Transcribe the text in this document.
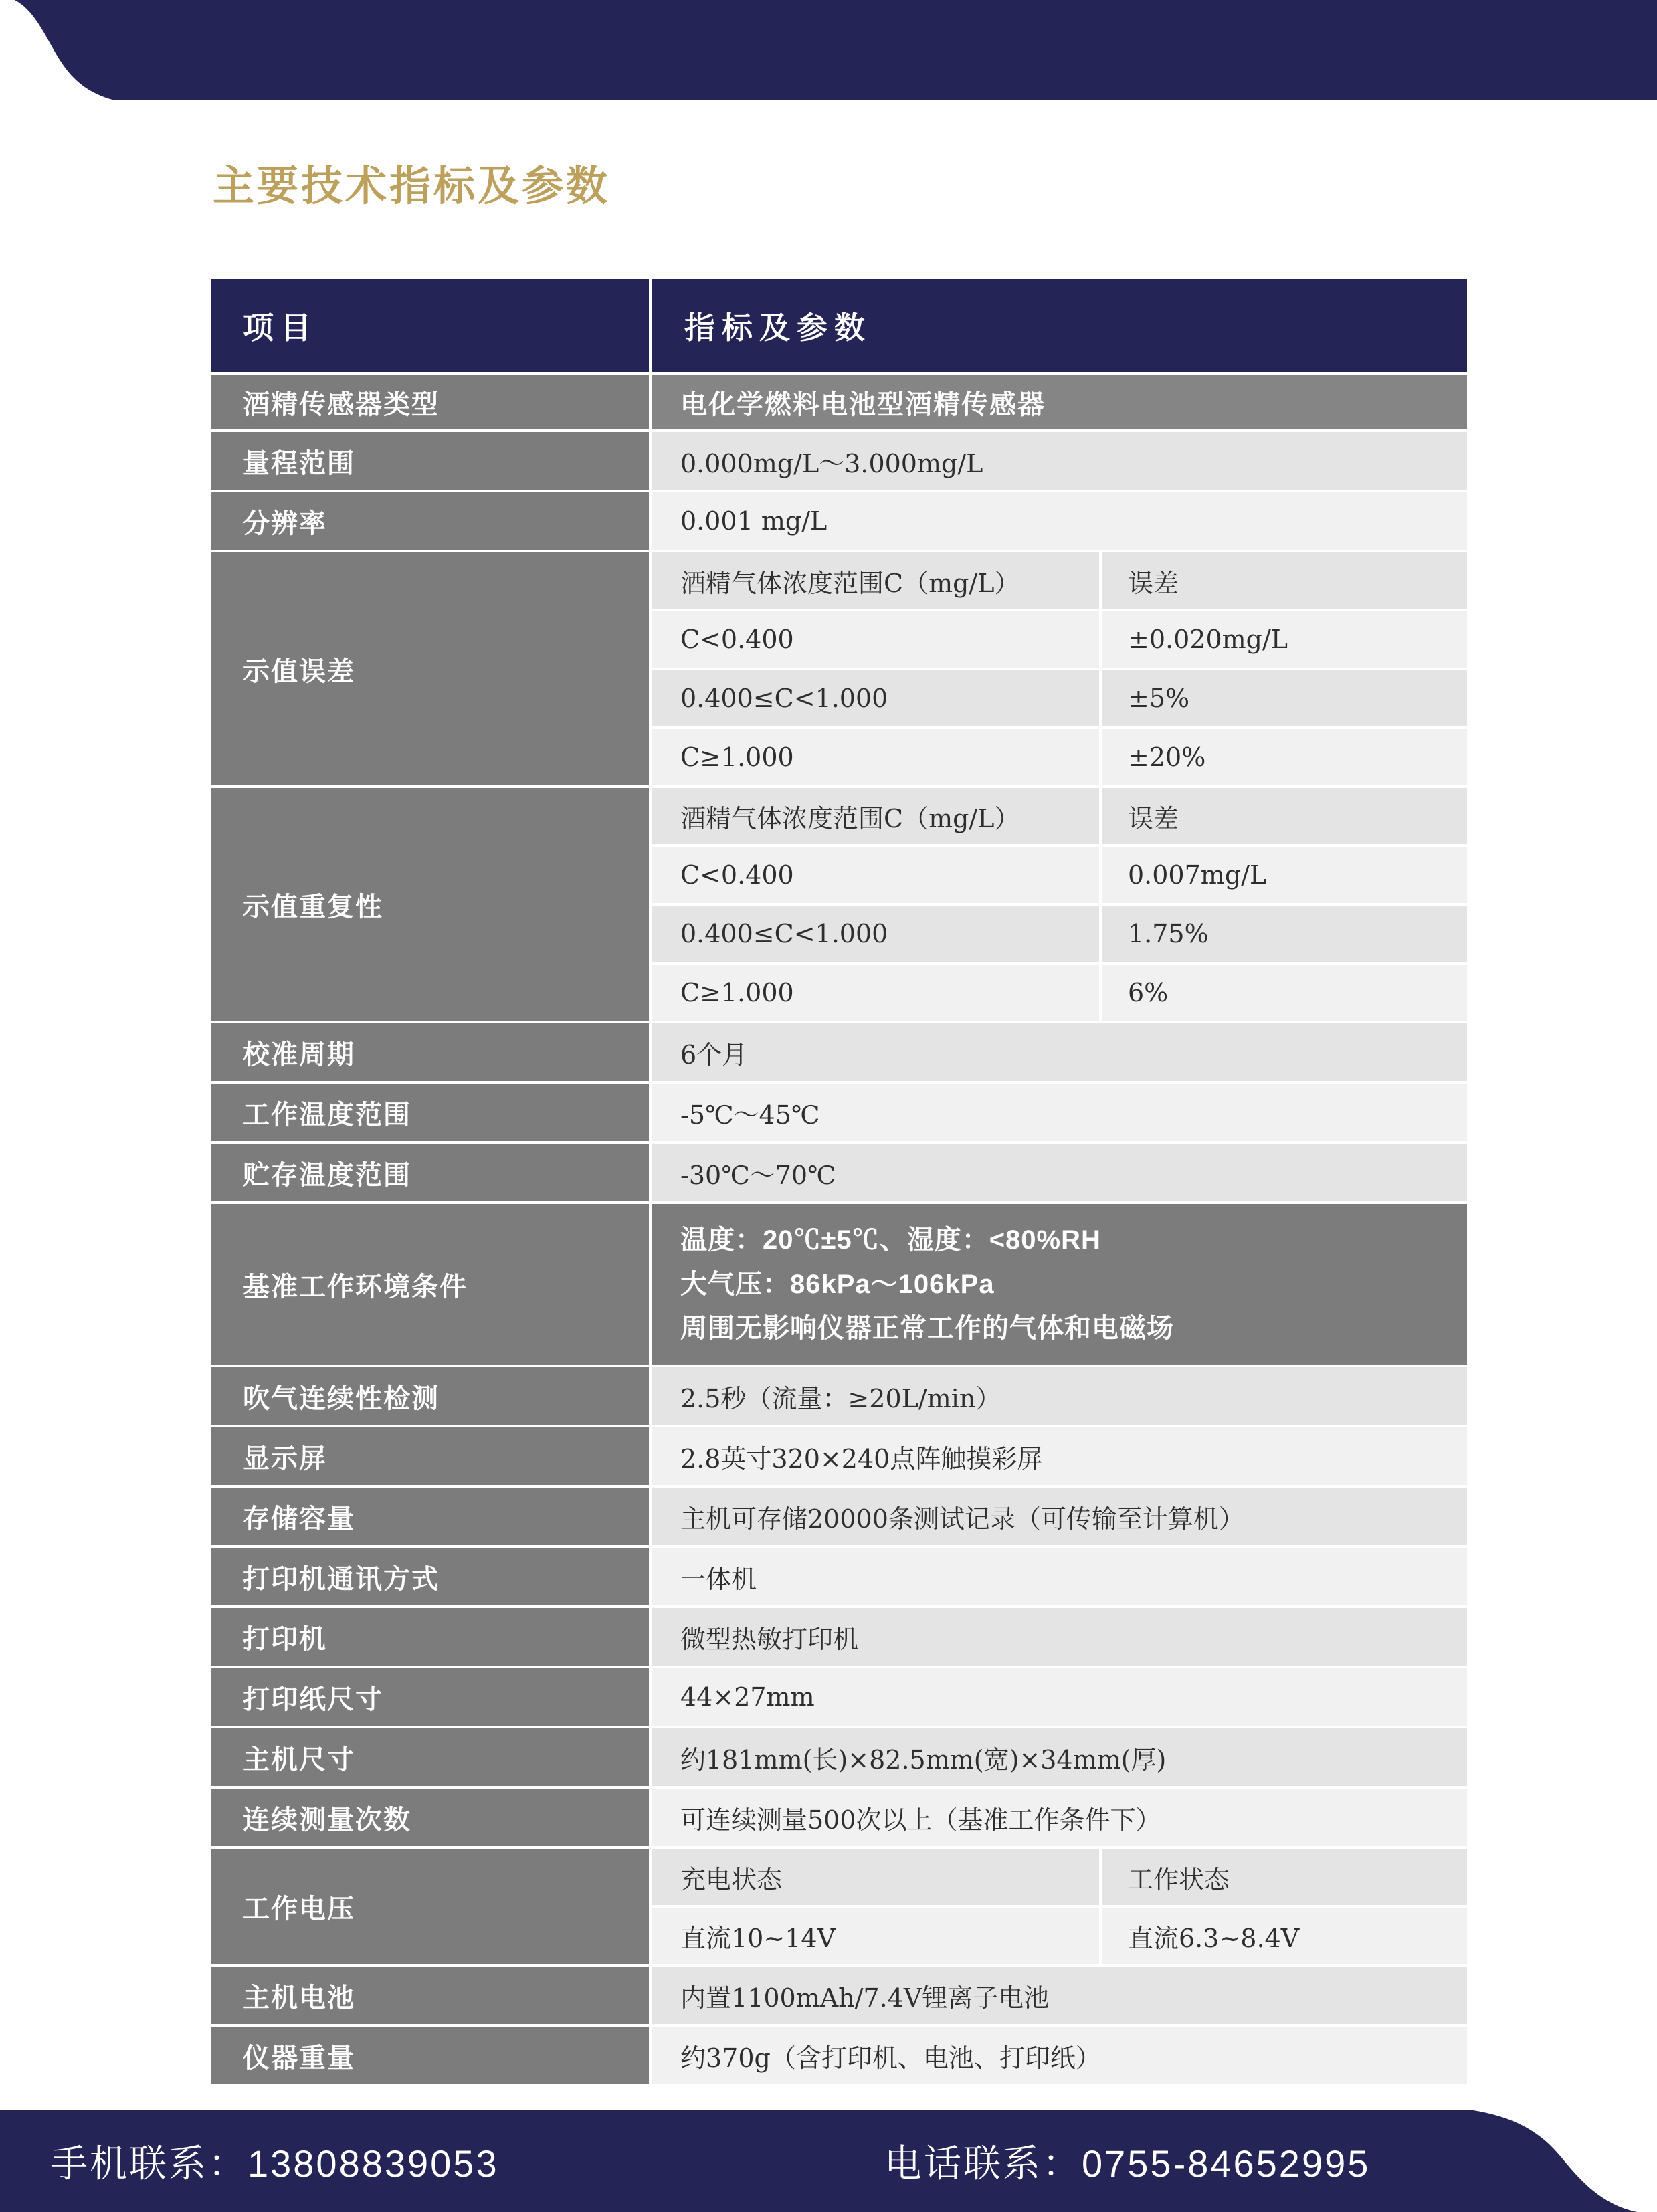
主要技术指标及参数
项目	指标及参数
酒精传感器类型	电化学燃料电池型酒精传感器
量程范围	0.000mg/L～3.000mg/L
分辨率	0.001 mg/L
示值误差
酒精气体浓度范围C（mg/L）	误差
C<0.400	±0.020mg/L
0.400≤C<1.000	±5%
C≥1.000	±20%
示值重复性
酒精气体浓度范围C（mg/L）	误差
C<0.400	0.007mg/L
0.400≤C<1.000	1.75%
C≥1.000	6%
校准周期	6个月
工作温度范围	-5℃～45℃
贮存温度范围	-30℃～70℃
基准工作环境条件
温度：20℃±5℃、湿度：<80%RH
大气压：86kPa～106kPa
周围无影响仪器正常工作的气体和电磁场
吹气连续性检测	2.5秒（流量：≥20L/min）
显示屏	2.8英寸320×240点阵触摸彩屏
存储容量	主机可存储20000条测试记录（可传输至计算机）
打印机通讯方式	一体机
打印机	微型热敏打印机
打印纸尺寸	44×27mm
主机尺寸	约181mm(长)×82.5mm(宽)×34mm(厚)
连续测量次数	可连续测量500次以上（基准工作条件下）
工作电压
充电状态	工作状态
直流10~14V	直流6.3~8.4V
主机电池	内置1100mAh/7.4V锂离子电池
仪器重量	约370g（含打印机、电池、打印纸）
手机联系：13808839053	电话联系：0755-84652995
